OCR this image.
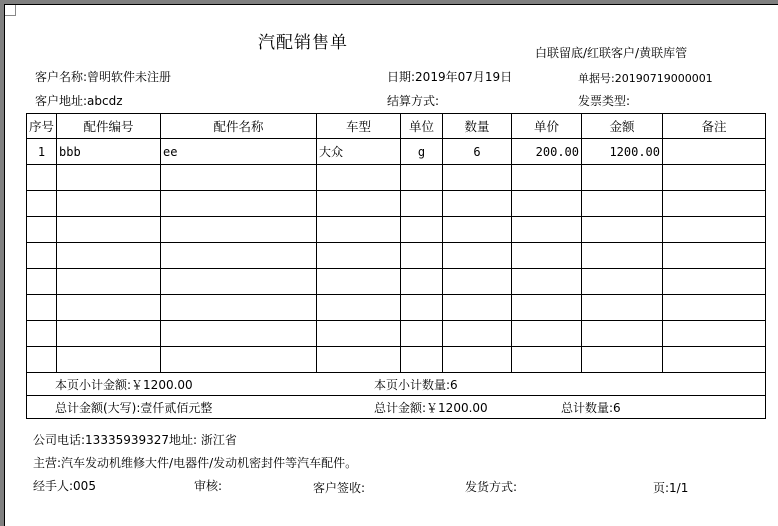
汽配销售单	白联留底/红联客户/黄联库管
客户名称:曾明软件未注册	日期:2019年07月19日	单据号:20190719000001
客户地址:abcdz	结算方式:	发票类型:
序号	配件编号	配件名称	车型	单位	数量	单价	金额	备注
1	bbb	ee	大众	g	6	200.00	1200.00	

本页小计金额:￥1200.00 本页小计数量:6								

总计金额(大写):壹仟贰佰元整 总计金额:￥1200.00 总计数量:6								
公司电话:13335939327地址: 浙江省
主营:汽车发动机维修大件/电器件/发动机密封件等汽车配件。
经手人:005	审核:	客户签收:	发货方式:	页:1/1
